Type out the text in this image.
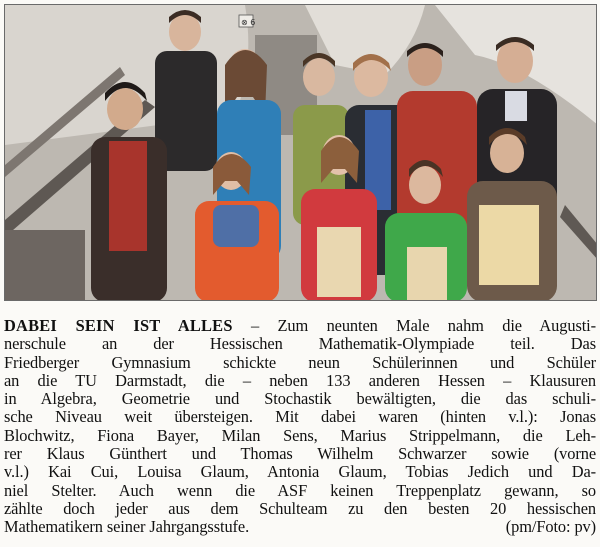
⊗ 6
DABEI SEIN IST ALLES – Zum neunten Male nahm die Augusti-
nerschule an der Hessischen Mathematik-Olympiade teil. Das
Friedberger Gymnasium schickte neun Schülerinnen und Schüler
an die TU Darmstadt, die – neben 133 anderen Hessen – Klausuren
in Algebra, Geometrie und Stochastik bewältigten, die das schuli-
sche Niveau weit übersteigen. Mit dabei waren (hinten v.l.): Jonas
Blochwitz, Fiona Bayer, Milan Sens, Marius Strippelmann, die Leh-
rer Klaus Günthert und Thomas Wilhelm Schwarzer sowie (vorne
v.l.) Kai Cui, Louisa Glaum, Antonia Glaum, Tobias Jedich und Da-
niel Stelter. Auch wenn die ASF keinen Treppenplatz gewann, so
zählte doch jeder aus dem Schulteam zu den besten 20 hessischen
Mathematikern seiner Jahrgangsstufe.	(pm/Foto: pv)
